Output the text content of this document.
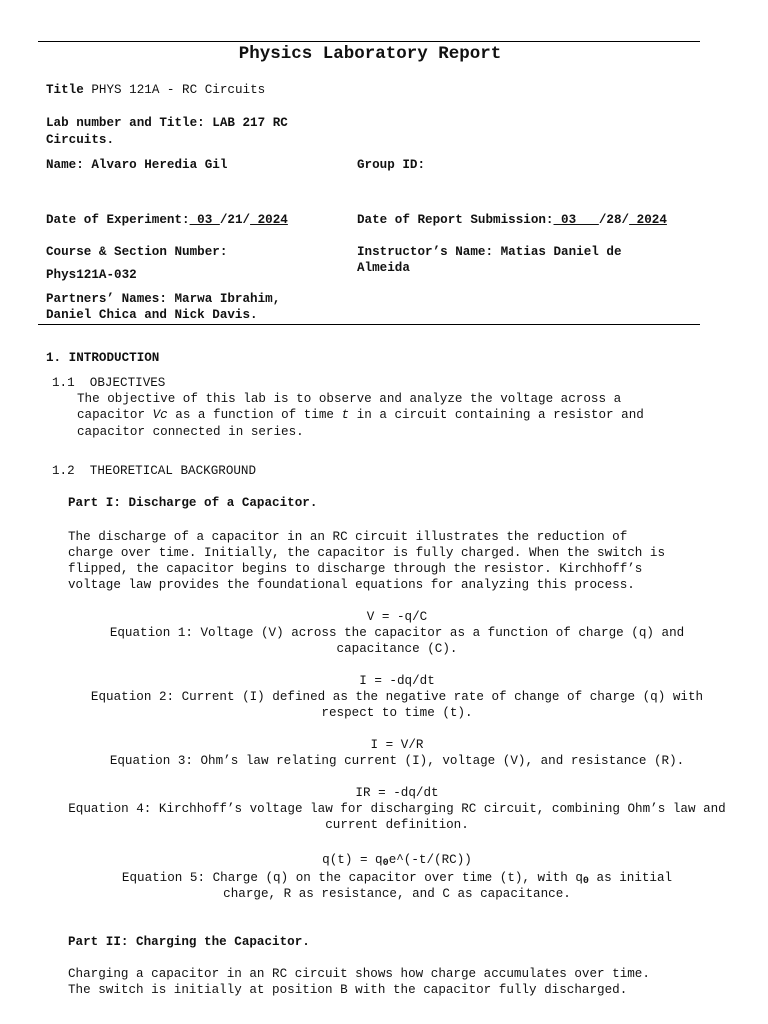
Physics Laboratory Report
Title PHYS 121A - RC Circuits
Lab number and Title: LAB 217 RC
Circuits.
Name: Alvaro Heredia Gil	Group ID:
Date of Experiment: 03 /21/ 2024	Date of Report Submission: 03   /28/ 2024
Course & Section Number:	Instructor’s Name: Matias Daniel de
Almeida
Phys121A-032
Partners’ Names: Marwa Ibrahim,
Daniel Chica and Nick Davis.
1. INTRODUCTION
1.1  OBJECTIVES
The objective of this lab is to observe and analyze the voltage across a
capacitor Vc as a function of time t in a circuit containing a resistor and
capacitor connected in series.
1.2  THEORETICAL BACKGROUND
Part I: Discharge of a Capacitor.
The discharge of a capacitor in an RC circuit illustrates the reduction of
charge over time. Initially, the capacitor is fully charged. When the switch is
flipped, the capacitor begins to discharge through the resistor. Kirchhoff’s
voltage law provides the foundational equations for analyzing this process.
V = -q/C
Equation 1: Voltage (V) across the capacitor as a function of charge (q) and capacitance (C).
I = -dq/dt
Equation 2: Current (I) defined as the negative rate of change of charge (q) with respect to time (t).
I = V/R
Equation 3: Ohm’s law relating current (I), voltage (V), and resistance (R).
IR = -dq/dt
Equation 4: Kirchhoff’s voltage law for discharging RC circuit, combining Ohm’s law and current definition.
q(t) = q0e^(-t/(RC))
Equation 5: Charge (q) on the capacitor over time (t), with q0 as initial
charge, R as resistance, and C as capacitance.
Part II: Charging the Capacitor.
Charging a capacitor in an RC circuit shows how charge accumulates over time.
The switch is initially at position B with the capacitor fully discharged.
